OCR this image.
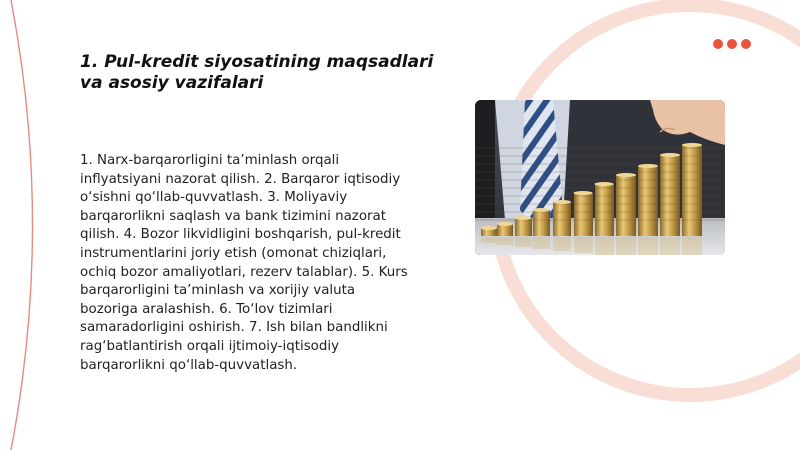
1. Pul-kredit siyosatining maqsadlari va asosiy vazifalari

1. Narx-barqarorligini ta’minlash orqali inflyatsiyani nazorat qilish. 2. Barqaror iqtisodiy o‘sishni qo‘llab-quvvatlash. 3. Moliyaviy barqarorlikni saqlash va bank tizimini nazorat qilish. 4. Bozor likvidligini boshqarish, pul-kredit instrumentlarini joriy etish (omonat chiziqlari, ochiq bozor amaliyotlari, rezerv talablar). 5. Kurs barqarorligini ta’minlash va xorijiy valuta bozoriga aralashish. 6. To‘lov tizimlari samaradorligini oshirish. 7. Ish bilan bandlikni rag‘batlantirish orqali ijtimoiy-iqtisodiy barqarorlikni qo‘llab-quvvatlash.
